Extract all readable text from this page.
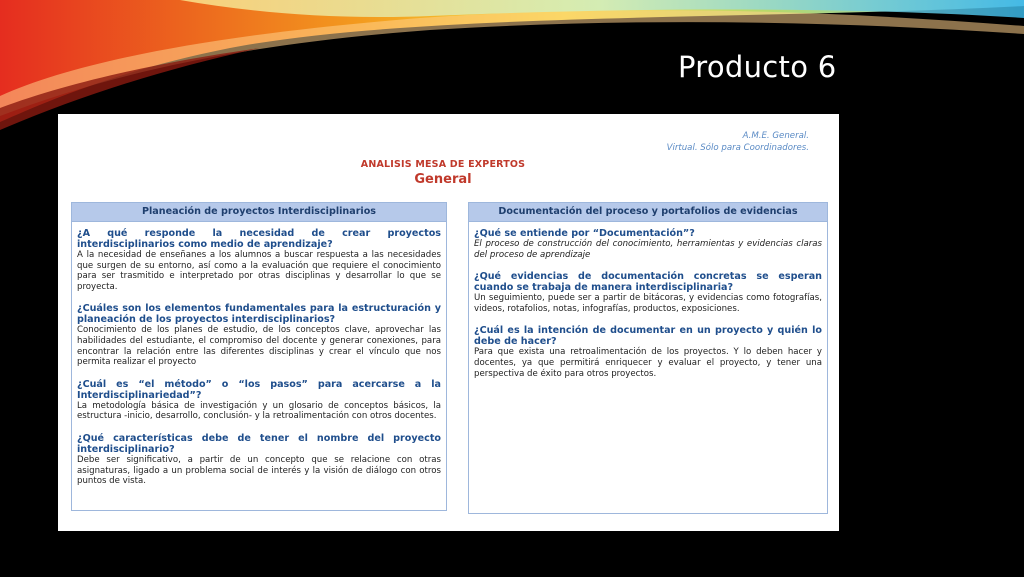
Producto 6
A.M.E. General.
Virtual. Sólo para Coordinadores.
ANALISIS MESA DE EXPERTOS
General
Planeación de proyectos Interdisciplinarios

¿A qué responde la necesidad de crear proyectos interdisciplinarios como medio de aprendizaje?

A la necesidad de enseñanes a los alumnos a buscar respuesta a las necesidades que surgen de su entorno, así como a la evaluación que requiere el conocimiento para ser trasmitido e interpretado por otras disciplinas y desarrollar lo que se proyecta.

¿Cuáles son los elementos fundamentales para la estructuración y planeación de los proyectos interdisciplinarios?

Conocimiento de los planes de estudio, de los conceptos clave, aprovechar las habilidades del estudiante, el compromiso del docente y generar conexiones, para encontrar la relación entre las diferentes disciplinas y crear el vínculo que nos permita realizar el proyecto

¿Cuál es “el método” o “los pasos” para acercarse a la Interdisciplinariedad”?

La metodología básica de investigación y un glosario de conceptos básicos, la estructura -inicio, desarrollo, conclusión- y la retroalimentación con otros docentes.

¿Qué características debe de tener el nombre del proyecto interdisciplinario?

Debe ser significativo, a partir de un concepto que se relacione con otras asignaturas, ligado a un problema social de interés y la visión de diálogo con otros puntos de vista.

Documentación del proceso y portafolios de evidencias

¿Qué se entiende por “Documentación”?

El proceso de construcción del conocimiento, herramientas y evidencias claras del proceso de aprendizaje

¿Qué evidencias de documentación concretas se esperan cuando se trabaja de manera interdisciplinaria?

Un seguimiento, puede ser a partir de bitácoras, y evidencias como fotografías, videos, rotafolios, notas, infografías, productos, exposiciones.

¿Cuál es la intención de documentar en un proyecto y quién lo debe de hacer?

Para que exista una retroalimentación de los proyectos. Y lo deben hacer y docentes, ya que permitirá enriquecer y evaluar el proyecto, y tener una perspectiva de éxito para otros proyectos.
